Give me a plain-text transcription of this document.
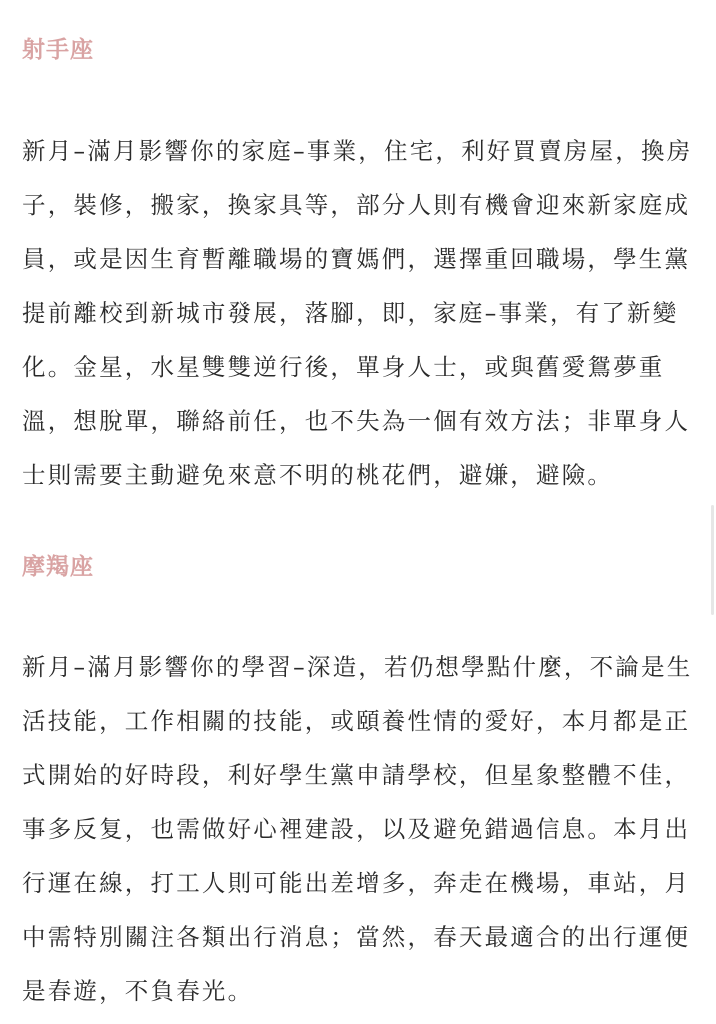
射手座

新月–滿月影響你的家庭–事業，住宅，利好買賣房屋，換房
子，裝修，搬家，換家具等，部分人則有機會迎來新家庭成
員，或是因生育暫離職場的寶媽們，選擇重回職場，學生黨
提前離校到新城市發展，落腳，即，家庭–事業，有了新變
化。金星，水星雙雙逆行後，單身人士，或與舊愛鴛夢重
溫，想脫單，聯絡前任，也不失為一個有效方法；非單身人
士則需要主動避免來意不明的桃花們，避嫌，避險。

摩羯座

新月–滿月影響你的學習–深造，若仍想學點什麼，不論是生
活技能，工作相關的技能，或頤養性情的愛好，本月都是正
式開始的好時段，利好學生黨申請學校，但星象整體不佳，
事多反复，也需做好心裡建設，以及避免錯過信息。本月出
行運在線，打工人則可能出差增多，奔走在機場，車站，月
中需特別關注各類出行消息；當然，春天最適合的出行運便
是春遊，不負春光。
